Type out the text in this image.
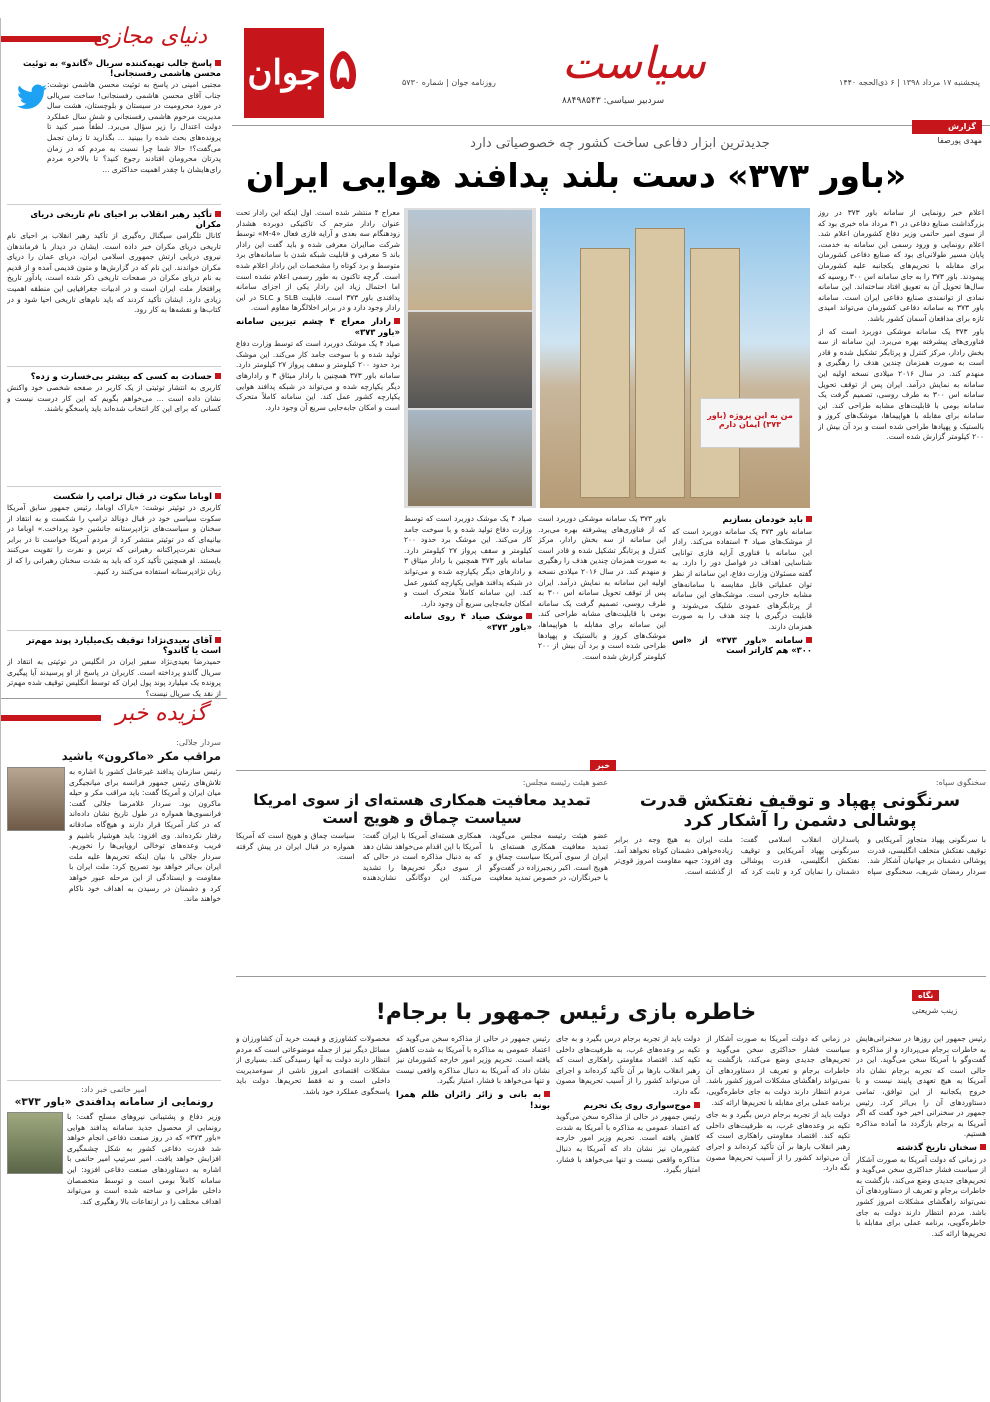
جوان ۵	روزنامه جوان | شماره ۵۷۳۰ سیاست
سردبیر سیاسی: ۸۸۴۹۸۵۴۳
پنجشنبه ۱۷ مرداد ۱۳۹۸ | ۶ ذی‌الحجه ۱۴۴۰
دنیای مجازی
پاسخ جالب ‌تهیه‌کننده سریال «گاندو» به توئیت محسن هاشمی رفسنجانی!
مجتبی امینی در پاسخ به توئیت محسن هاشمی نوشت: جناب آقای محسن هاشمی رفسنجانی! ساخت سریالی در مورد محرومیت در سیستان و بلوچستان، هشت سال مدیریت مرحوم هاشمی رفسنجانی و شش سال عملکرد دولت اعتدال را زیر سؤال می‌برد. لطفاً صبر کنید تا پرونده‌های بحث شده را ببینید ... بگذارید تا زمان تجمل می‌گفت؟! حالا شما چرا نسبت به مردم که در زمان پدرتان محرومان افتادند رجوع کنید؟ تا بالاخره مردم رای‌هایشان با چقدر اهمیت حداکثری ...
تأکید رهبر انقلاب بر احیای نام تاریخی دریای مکران
کانال تلگرامی سیگنال ره‌گیری از تأکید رهبر انقلاب بر احیای نام تاریخی دریای مکران خبر داده است. ایشان در دیدار با فرماندهان نیروی دریایی ارتش جمهوری اسلامی ایران، دریای عمان را دریای مکران خواندند. این نام که در گزارش‌ها و متون قدیمی آمده و از قدیم به نام دریای مکران در صفحات تاریخی ذکر شده است، یادآور تاریخ پرافتخار ملت ایران است و در ادبیات جغرافیایی این منطقه اهمیت زیادی دارد. ایشان تأکید کردند که باید نام‌های تاریخی احیا شود و در کتاب‌ها و نقشه‌ها به کار رود.
حسادت به کسی که بیشتر بی‌خسارت و زده؟
کاربری به انتشار توئیتی از یک کاربر در صفحه شخصی خود واکنش نشان داده است ... می‌خواهم بگویم که این کار درست نیست و کسانی که برای این کار انتخاب شده‌اند باید پاسخگو باشند.
اوباما سکوت در قبال ترامپ را شکست
کاربری در توئیتر نوشت: «باراک اوباما، رئیس جمهور سابق آمریکا سکوت سیاسی خود در قبال دونالد ترامپ را شکست و به انتقاد از سخنان و سیاست‌های نژادپرستانه جانشین خود پرداخت.» اوباما در بیانیه‌ای که در توئیتر منتشر کرد از مردم آمریکا خواست تا در برابر سخنان نفرت‌پراکنانه رهبرانی که ترس و نفرت را تقویت می‌کنند بایستند. او همچنین تأکید کرد که باید به شدت سخنان رهبرانی را که از زبان نژادپرستانه استفاده می‌کنند رد کنیم.
آقای بعیدی‌نژاد! توقیف یک‌میلیارد پوند مهم‌تر است یا گاندو؟
حمیدرضا بعیدی‌نژاد سفیر ایران در انگلیس در توئیتی به انتقاد از سریال گاندو پرداخته است. کاربران در پاسخ از او پرسیدند آیا پیگیری پرونده یک میلیارد پوند پول ایران که توسط انگلیس توقیف شده مهم‌تر از نقد یک سریال نیست؟
گزیده خبر
سردار جلالی:
مراقب مکر «ماکرون» باشید
رئیس سازمان پدافند غیرعامل کشور با اشاره به تلاش‌های رئیس جمهور فرانسه برای میانجیگری میان ایران و آمریکا گفت: باید مراقب مکر و حیله ماکرون بود. سردار غلامرضا جلالی گفت: فرانسوی‌ها همواره در طول تاریخ نشان داده‌اند که در کنار آمریکا قرار دارند و هیچ‌گاه صادقانه رفتار نکرده‌اند. وی افزود: باید هوشیار باشیم و فریب وعده‌های توخالی اروپایی‌ها را نخوریم. سردار جلالی با بیان اینکه تحریم‌ها علیه ملت ایران بی‌اثر خواهد بود تصریح کرد: ملت ایران با مقاومت و ایستادگی از این مرحله عبور خواهد کرد و دشمنان در رسیدن به اهداف خود ناکام خواهند ماند.
امیر حاتمی خبر داد:
رونمایی از سامانه پدافندی «باور ۳۷۳»
وزیر دفاع و پشتیبانی نیروهای مسلح گفت: با رونمایی از محصول جدید سامانه پدافند هوایی «باور ۳۷۳» که در روز صنعت دفاعی انجام خواهد شد قدرت دفاعی کشور به شکل چشمگیری افزایش خواهد یافت. امیر سرتیپ امیر حاتمی با اشاره به دستاوردهای صنعت دفاعی افزود: این سامانه کاملاً بومی است و توسط متخصصان داخلی طراحی و ساخته شده است و می‌تواند اهداف مختلف را در ارتفاعات بالا رهگیری کند.
گزارش
مهدی پورصفا
جدیدترین ابزار دفاعی ساخت کشور چه خصوصیاتی دارد
«باور ۳۷۳» دست بلند پدافند هوایی ایران

اعلام خبر رونمایی از سامانه باور ۳۷۳ در روز بزرگداشت صنایع دفاعی در ۳۱ مرداد ماه خبری بود که از سوی امیر حاتمی وزیر دفاع کشورمان اعلام شد. اعلام رونمایی و ورود رسمی این سامانه به خدمت، پایان مسیر طولانی‌ای بود که صنایع دفاعی کشورمان برای مقابله با تحریم‌های یکجانبه علیه کشورمان پیمودند. باور ۳۷۳ را به جای سامانه اس ۳۰۰ روسیه که سال‌ها تحویل آن به تعویق افتاد ساخته‌اند. این سامانه نمادی از توانمندی صنایع دفاعی ایران است. سامانه باور ۳۷۳ به سامانه دفاعی کشورمان می‌تواند امیدی تازه برای مدافعان آسمان کشور باشد.

باور ۳۷۳ یک سامانه موشکی دوربرد است که از فناوری‌های پیشرفته بهره می‌برد. این سامانه از سه بخش رادار، مرکز کنترل و پرتابگر تشکیل شده و قادر است به صورت همزمان چندین هدف را رهگیری و منهدم کند. در سال ۲۰۱۶ میلادی نسخه اولیه این سامانه به نمایش درآمد. ایران پس از توقف تحویل سامانه اس ۳۰۰ به طرف روسی، تصمیم گرفت یک سامانه بومی با قابلیت‌های مشابه طراحی کند. این سامانه برای مقابله با هواپیماها، موشک‌های کروز و بالستیک و پهپادها طراحی شده است و برد آن بیش از ۲۰۰ کیلومتر گزارش شده است.

من به این پروژه (باور ۳۷۳) ایمان دارم

معراج ۴ منتشر شده است. اول اینکه این رادار تحت عنوان رادار مترجم ک تاکتیکی دوبرده هشدار زودهنگام سه بعدی و آرایه فازی فعال «M-4» توسط شرکت صاایران معرفی شده و باید گفت این رادار باند S معرفی و قابلیت شبکه شدن با سامانه‌های برد متوسط و برد کوتاه را مشخصات این رادار اعلام شده است. گرچه تاکنون به طور رسمی اعلام نشده است اما احتمال زیاد این رادار یکی از اجزای سامانه پدافندی باور ۳۷۳ است. قابلیت SLB و SLC در این رادار وجود دارد و در برابر اخلالگرها مقاوم است.

رادار معراج ۴ چشم تیزبین سامانه «باور ۳۷۳»

صیاد ۴ یک موشک دوربرد است که توسط وزارت دفاع تولید شده و با سوخت جامد کار می‌کند. این موشک برد حدود ۲۰۰ کیلومتر و سقف پرواز ۲۷ کیلومتر دارد. سامانه باور ۳۷۳ همچنین با رادار میثاق ۳ و رادارهای دیگر یکپارچه شده و می‌تواند در شبکه پدافند هوایی یکپارچه کشور عمل کند. این سامانه کاملاً متحرک است و امکان جابه‌جایی سریع آن وجود دارد.

باید خودمان بسازیم

سامانه باور ۳۷۳ یک سامانه دوربرد است که از موشک‌های صیاد ۴ استفاده می‌کند. رادار این سامانه با فناوری آرایه فازی توانایی شناسایی اهداف در فواصل دور را دارد. به گفته مسئولان وزارت دفاع، این سامانه از نظر توان عملیاتی قابل مقایسه با سامانه‌های مشابه خارجی است. موشک‌های این سامانه از پرتابگرهای عمودی شلیک می‌شوند و قابلیت درگیری با چند هدف را به صورت همزمان دارند.

سامانه «باور ۳۷۳» از «اس ۳۰۰» هم کاراتر است

باور ۳۷۳ یک سامانه موشکی دوربرد است که از فناوری‌های پیشرفته بهره می‌برد. این سامانه از سه بخش رادار، مرکز کنترل و پرتابگر تشکیل شده و قادر است به صورت همزمان چندین هدف را رهگیری و منهدم کند. در سال ۲۰۱۶ میلادی نسخه اولیه این سامانه به نمایش درآمد. ایران پس از توقف تحویل سامانه اس ۳۰۰ به طرف روسی، تصمیم گرفت یک سامانه بومی با قابلیت‌های مشابه طراحی کند. این سامانه برای مقابله با هواپیماها، موشک‌های کروز و بالستیک و پهپادها طراحی شده است و برد آن بیش از ۲۰۰ کیلومتر گزارش شده است.

صیاد ۴ یک موشک دوربرد است که توسط وزارت دفاع تولید شده و با سوخت جامد کار می‌کند. این موشک برد حدود ۲۰۰ کیلومتر و سقف پرواز ۲۷ کیلومتر دارد. سامانه باور ۳۷۳ همچنین با رادار میثاق ۳ و رادارهای دیگر یکپارچه شده و می‌تواند در شبکه پدافند هوایی یکپارچه کشور عمل کند. این سامانه کاملاً متحرک است و امکان جابه‌جایی سریع آن وجود دارد.

موشک صیاد ۴ روی سامانه «باور ۳۷۳»

خبر
سخنگوی سپاه:
سرنگونی پهپاد و توقیف نفتکش قدرت پوشالی دشمن را آشکار کرد
با سرنگونی پهپاد متجاوز آمریکایی و توقیف نفتکش متخلف انگلیسی، قدرت پوشالی دشمنان بر جهانیان آشکار شد. سردار رمضان شریف، سخنگوی سپاه پاسداران انقلاب اسلامی گفت: سرنگونی پهپاد آمریکایی و توقیف نفتکش انگلیسی، قدرت پوشالی دشمنان را نمایان کرد و ثابت کرد که ملت ایران به هیچ وجه در برابر زیاده‌خواهی دشمنان کوتاه نخواهد آمد. وی افزود: جبهه مقاومت امروز قوی‌تر از گذشته است.
عضو هیئت رئیسه مجلس:
تمدید معافیت همکاری هسته‌ای از سوی امریکا سیاست چماق و هویج است
عضو هیئت رئیسه مجلس می‌گوید، تمدید معافیت همکاری هسته‌ای با ایران از سوی آمریکا سیاست چماق و هویج است. اکبر رنجبرزاده در گفت‌وگو با خبرنگاران، در خصوص تمدید معافیت همکاری هسته‌ای آمریکا با ایران گفت: آمریکا با این اقدام می‌خواهد نشان دهد که به دنبال مذاکره است در حالی که از سوی دیگر تحریم‌ها را تشدید می‌کند. این دوگانگی نشان‌دهنده سیاست چماق و هویج است که آمریکا همواره در قبال ایران در پیش گرفته است.
نگاه
زینب شریعتی
خاطره بازی رئیس جمهور با برجام!

رئیس جمهور این روزها در سخنرانی‌هایش به خاطرات برجام می‌پردازد و از مذاکره و گفت‌وگو با آمریکا سخن می‌گوید. این در حالی است که تجربه برجام نشان داد آمریکا به هیچ تعهدی پایبند نیست و با خروج یکجانبه از این توافق، تمامی دستاوردهای آن را بی‌اثر کرد. رئیس جمهور در سخنرانی اخیر خود گفت که اگر آمریکا به برجام بازگردد ما آماده مذاکره هستیم.

سخنان تاریخ گذشته

در زمانی که دولت آمریکا به صورت آشکار از سیاست فشار حداکثری سخن می‌گوید و تحریم‌های جدیدی وضع می‌کند، بازگشت به خاطرات برجام و تعریف از دستاوردهای آن نمی‌تواند راهگشای مشکلات امروز کشور باشد. مردم انتظار دارند دولت به جای خاطره‌گویی، برنامه عملی برای مقابله با تحریم‌ها ارائه کند.

در زمانی که دولت آمریکا به صورت آشکار از سیاست فشار حداکثری سخن می‌گوید و تحریم‌های جدیدی وضع می‌کند، بازگشت به خاطرات برجام و تعریف از دستاوردهای آن نمی‌تواند راهگشای مشکلات امروز کشور باشد. مردم انتظار دارند دولت به جای خاطره‌گویی، برنامه عملی برای مقابله با تحریم‌ها ارائه کند.

دولت باید از تجربه برجام درس بگیرد و به جای تکیه بر وعده‌های غرب، به ظرفیت‌های داخلی تکیه کند. اقتصاد مقاومتی راهکاری است که رهبر انقلاب بارها بر آن تأکید کرده‌اند و اجرای آن می‌تواند کشور را از آسیب تحریم‌ها مصون نگه دارد.

دولت باید از تجربه برجام درس بگیرد و به جای تکیه بر وعده‌های غرب، به ظرفیت‌های داخلی تکیه کند. اقتصاد مقاومتی راهکاری است که رهبر انقلاب بارها بر آن تأکید کرده‌اند و اجرای آن می‌تواند کشور را از آسیب تحریم‌ها مصون نگه دارد.

موج‌سواری روی یک تحریم

رئیس جمهور در حالی از مذاکره سخن می‌گوید که اعتماد عمومی به مذاکره با آمریکا به شدت کاهش یافته است. تحریم وزیر امور خارجه کشورمان نیز نشان داد که آمریکا به دنبال مذاکره واقعی نیست و تنها می‌خواهد با فشار، امتیاز بگیرد.

رئیس جمهور در حالی از مذاکره سخن می‌گوید که اعتماد عمومی به مذاکره با آمریکا به شدت کاهش یافته است. تحریم وزیر امور خارجه کشورمان نیز نشان داد که آمریکا به دنبال مذاکره واقعی نیست و تنها می‌خواهد با فشار، امتیاز بگیرد.

به بانی و زائر زائران ظلم همرا بوند!

محصولات کشاورزی و قیمت خرید آن کشاورزان و مسائل دیگر نیز از جمله موضوعاتی است که مردم انتظار دارند دولت به آنها رسیدگی کند. بسیاری از مشکلات اقتصادی امروز ناشی از سوءمدیریت داخلی است و نه فقط تحریم‌ها. دولت باید پاسخگوی عملکرد خود باشد.
